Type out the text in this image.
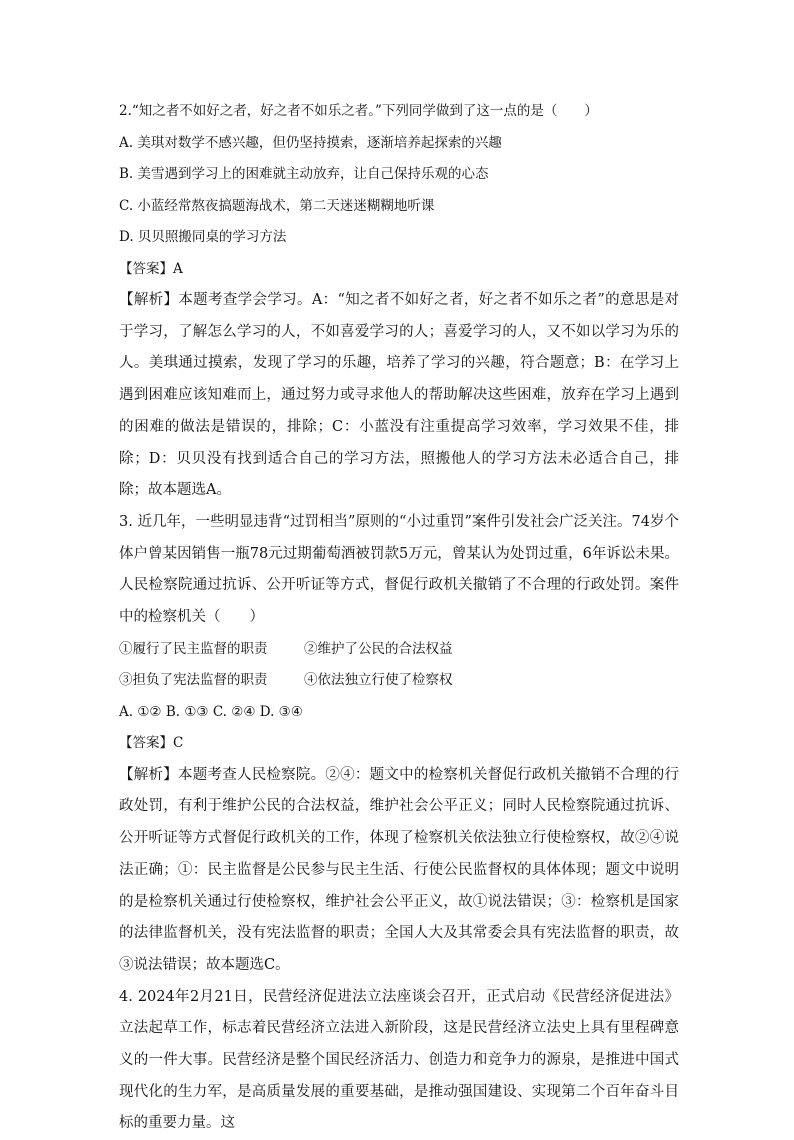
2.“知之者不如好之者，好之者不如乐之者。”下列同学做到了这一点的是（　　）
A. 美琪对数学不感兴趣，但仍坚持摸索，逐渐培养起探索的兴趣
B. 美雪遇到学习上的困难就主动放弃，让自己保持乐观的心态
C. 小蓝经常熬夜搞题海战术，第二天迷迷糊糊地听课
D. 贝贝照搬同桌的学习方法
【答案】A
【解析】本题考查学会学习。A：“知之者不如好之者，好之者不如乐之者”的意思是对于学习，了解怎么学习的人，不如喜爱学习的人；喜爱学习的人，又不如以学习为乐的人。美琪通过摸索，发现了学习的乐趣，培养了学习的兴趣，符合题意；B：在学习上遇到困难应该知难而上，通过努力或寻求他人的帮助解决这些困难，放弃在学习上遇到的困难的做法是错误的，排除；C：小蓝没有注重提高学习效率，学习效果不佳，排除；D：贝贝没有找到适合自己的学习方法，照搬他人的学习方法未必适合自己，排除；故本题选A。
3. 近几年，一些明显违背“过罚相当”原则的“小过重罚”案件引发社会广泛关注。74岁个体户曾某因销售一瓶78元过期葡萄酒被罚款5万元，曾某认为处罚过重，6年诉讼未果。人民检察院通过抗诉、公开听证等方式，督促行政机关撤销了不合理的行政处罚。案件中的检察机关（　　）
①履行了民主监督的职责	②维护了公民的合法权益
③担负了宪法监督的职责	④依法独立行使了检察权
A. ①② B. ①③ C. ②④ D. ③④
【答案】C
【解析】本题考查人民检察院。②④：题文中的检察机关督促行政机关撤销不合理的行政处罚，有利于维护公民的合法权益，维护社会公平正义；同时人民检察院通过抗诉、公开听证等方式督促行政机关的工作，体现了检察机关依法独立行使检察权，故②④说法正确；①：民主监督是公民参与民主生活、行使公民监督权的具体体现；题文中说明的是检察机关通过行使检察权，维护社会公平正义，故①说法错误；③：检察机是国家的法律监督机关，没有宪法监督的职责；全国人大及其常委会具有宪法监督的职责，故③说法错误；故本题选C。
4. 2024年2月21日，民营经济促进法立法座谈会召开，正式启动《民营经济促进法》立法起草工作，标志着民营经济立法进入新阶段，这是民营经济立法史上具有里程碑意义的一件大事。民营经济是整个国民经济活力、创造力和竞争力的源泉，是推进中国式现代化的生力军，是高质量发展的重要基础，是推动强国建设、实现第二个百年奋斗目标的重要力量。这
